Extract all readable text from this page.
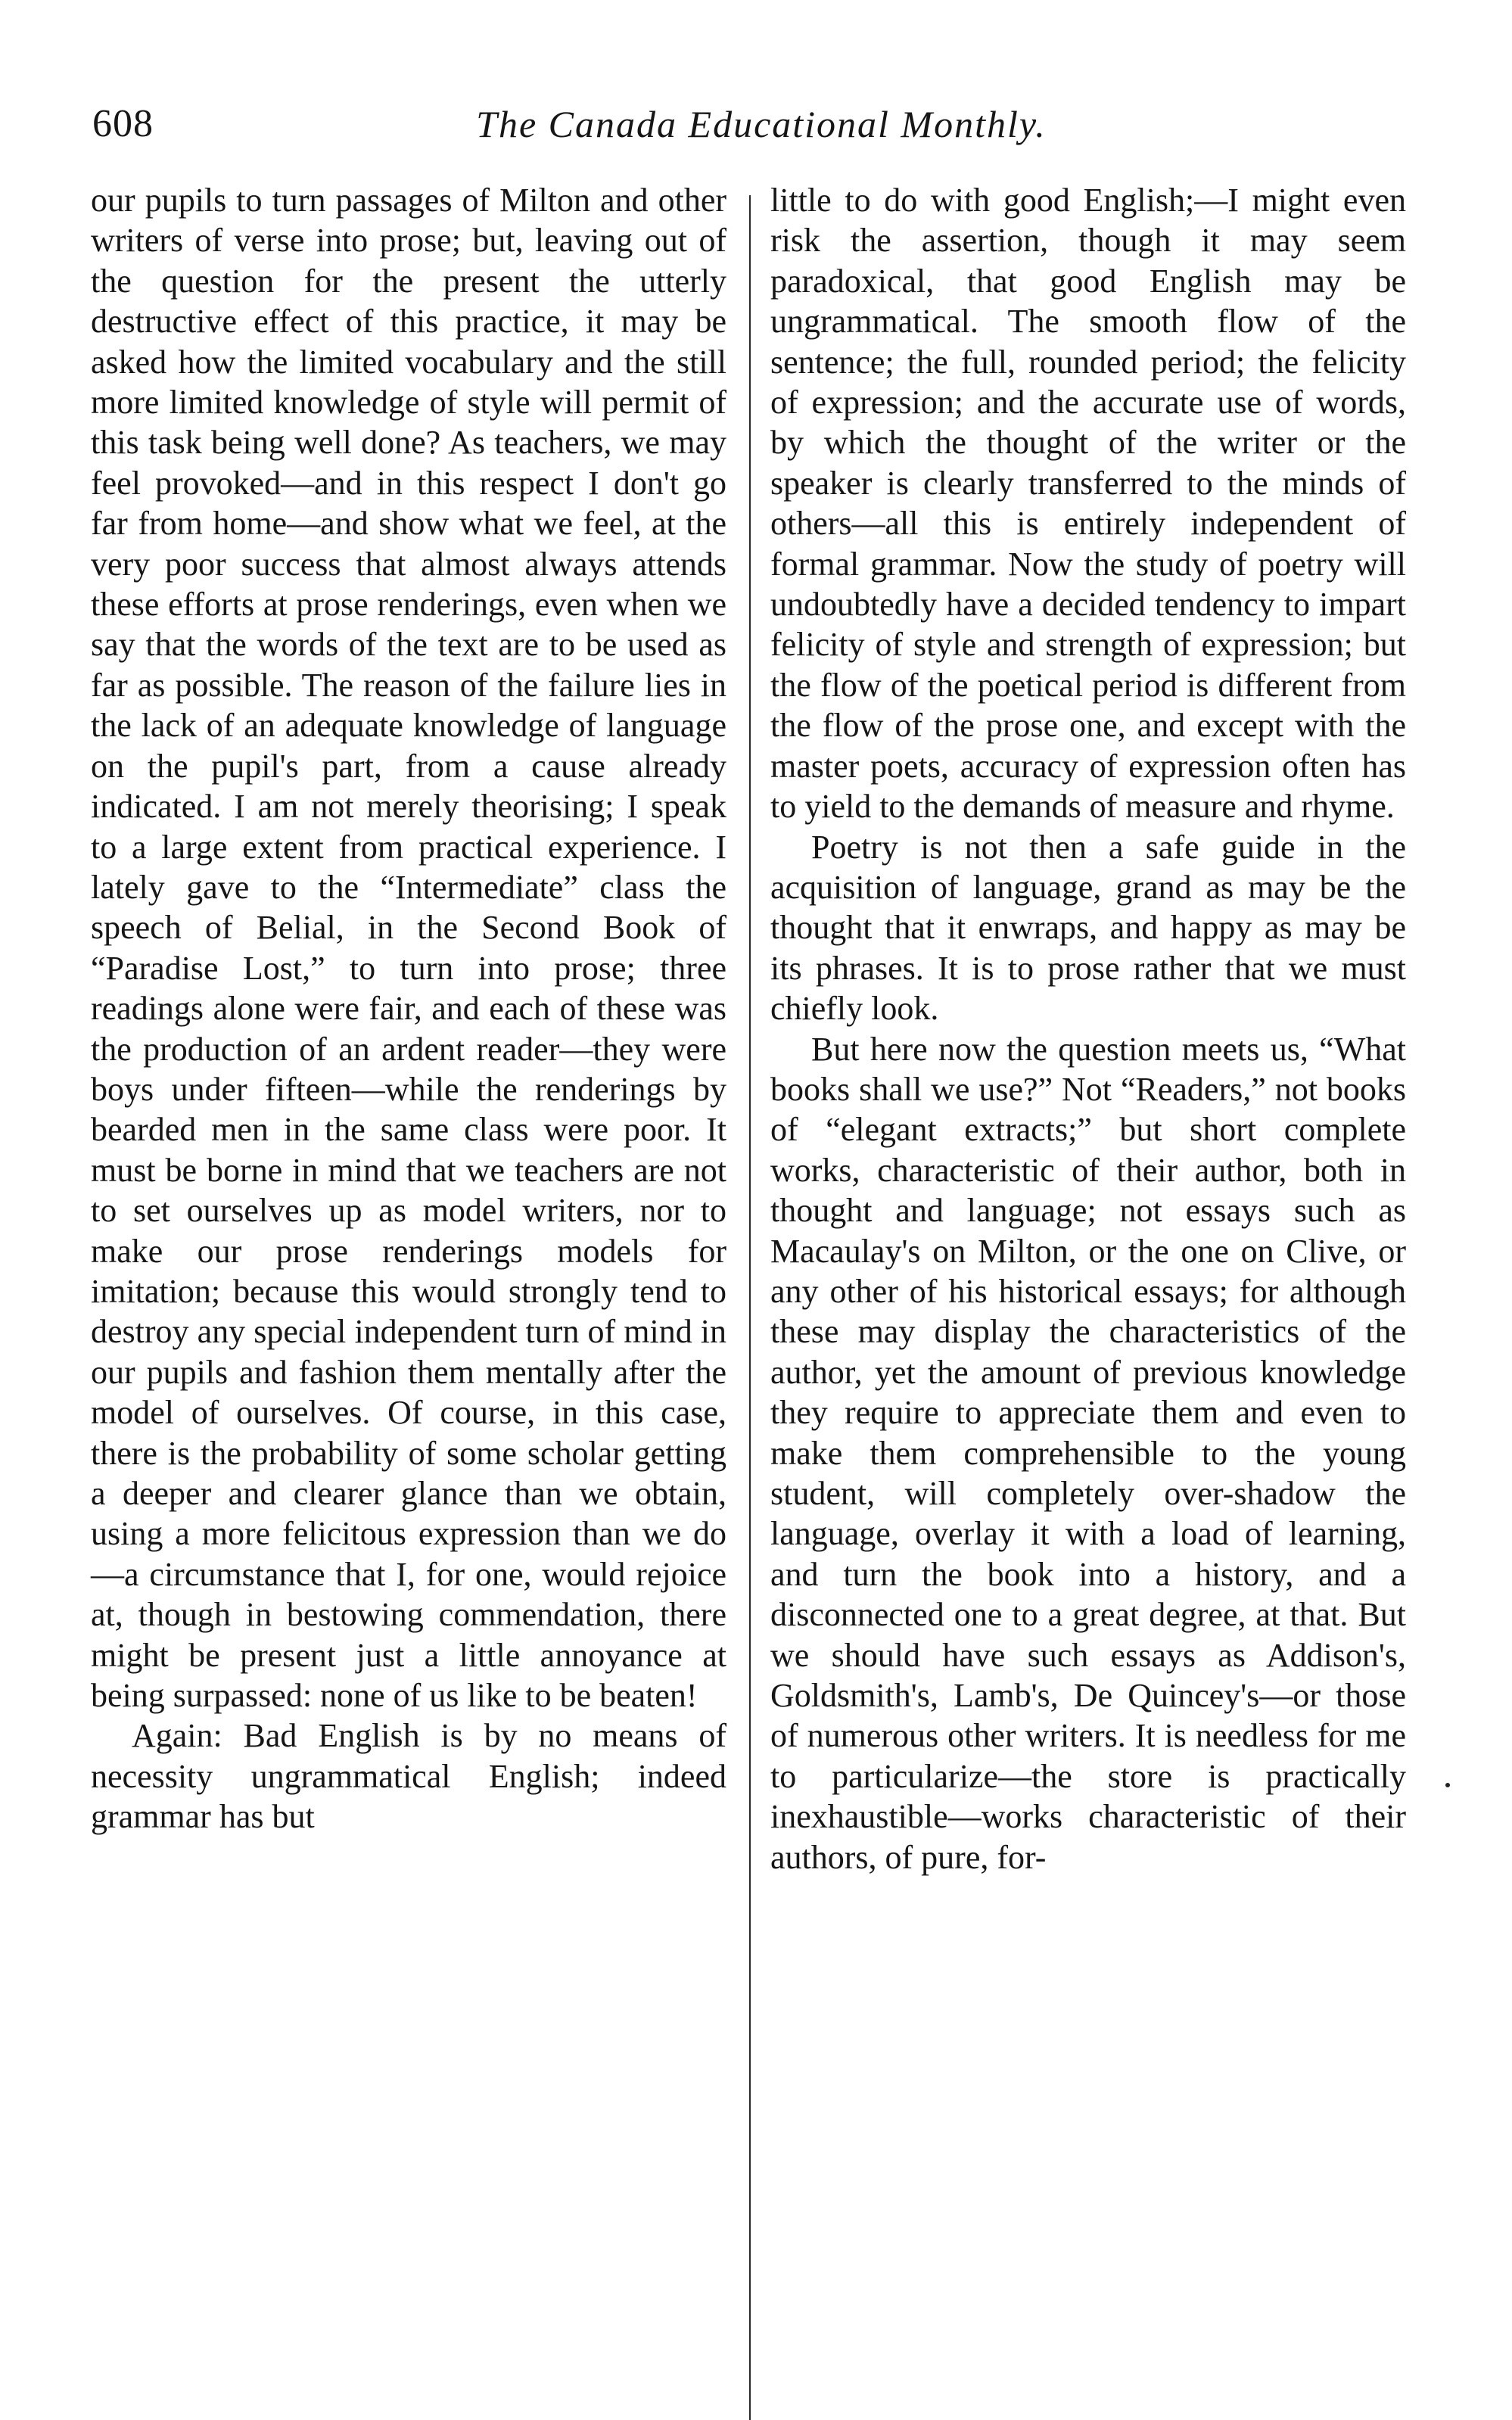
608	The Canada Educational Monthly.

our pupils to turn passages of Milton and other writers of verse into prose; but, leaving out of the question for the present the utterly destructive effect of this practice, it may be asked how the limited vocabulary and the still more limited knowledge of style will permit of this task being well done? As teachers, we may feel provoked—and in this respect I don't go far from home—and show what we feel, at the very poor success that almost always attends these efforts at prose renderings, even when we say that the words of the text are to be used as far as possible. The reason of the failure lies in the lack of an adequate knowledge of language on the pupil's part, from a cause already indicated. I am not merely theorising; I speak to a large extent from practical experience. I lately gave to the “Intermediate” class the speech of Belial, in the Second Book of “Paradise Lost,” to turn into prose; three readings alone were fair, and each of these was the production of an ardent reader—they were boys under fifteen—while the renderings by bearded men in the same class were poor. It must be borne in mind that we teachers are not to set ourselves up as model writers, nor to make our prose renderings models for imitation; because this would strongly tend to destroy any special independent turn of mind in our pupils and fashion them mentally after the model of ourselves. Of course, in this case, there is the probability of some scholar getting a deeper and clearer glance than we obtain, using a more felicitous expression than we do—a circumstance that I, for one, would rejoice at, though in bestowing commendation, there might be present just a little annoyance at being surpassed: none of us like to be beaten!

Again: Bad English is by no means of necessity ungrammatical English; indeed grammar has but

little to do with good English;—I might even risk the assertion, though it may seem paradoxical, that good English may be ungrammatical. The smooth flow of the sentence; the full, rounded period; the felicity of expression; and the accurate use of words, by which the thought of the writer or the speaker is clearly transferred to the minds of others—all this is entirely independent of formal grammar. Now the study of poetry will undoubtedly have a decided tendency to impart felicity of style and strength of expression; but the flow of the poetical period is different from the flow of the prose one, and except with the master poets, accuracy of expression often has to yield to the demands of measure and rhyme.

Poetry is not then a safe guide in the acquisition of language, grand as may be the thought that it enwraps, and happy as may be its phrases. It is to prose rather that we must chiefly look.

But here now the question meets us, “What books shall we use?” Not “Readers,” not books of “elegant extracts;” but short complete works, characteristic of their author, both in thought and language; not essays such as Macaulay's on Milton, or the one on Clive, or any other of his historical essays; for although these may display the characteristics of the author, yet the amount of previous knowledge they require to appreciate them and even to make them comprehensible to the young student, will completely over-shadow the language, overlay it with a load of learning, and turn the book into a history, and a disconnected one to a great degree, at that. But we should have such essays as Addison's, Goldsmith's, Lamb's, De Quincey's—or those of numerous other writers. It is needless for me to particularize—the store is practically inexhaustible—works characteristic of their authors, of pure, for-
